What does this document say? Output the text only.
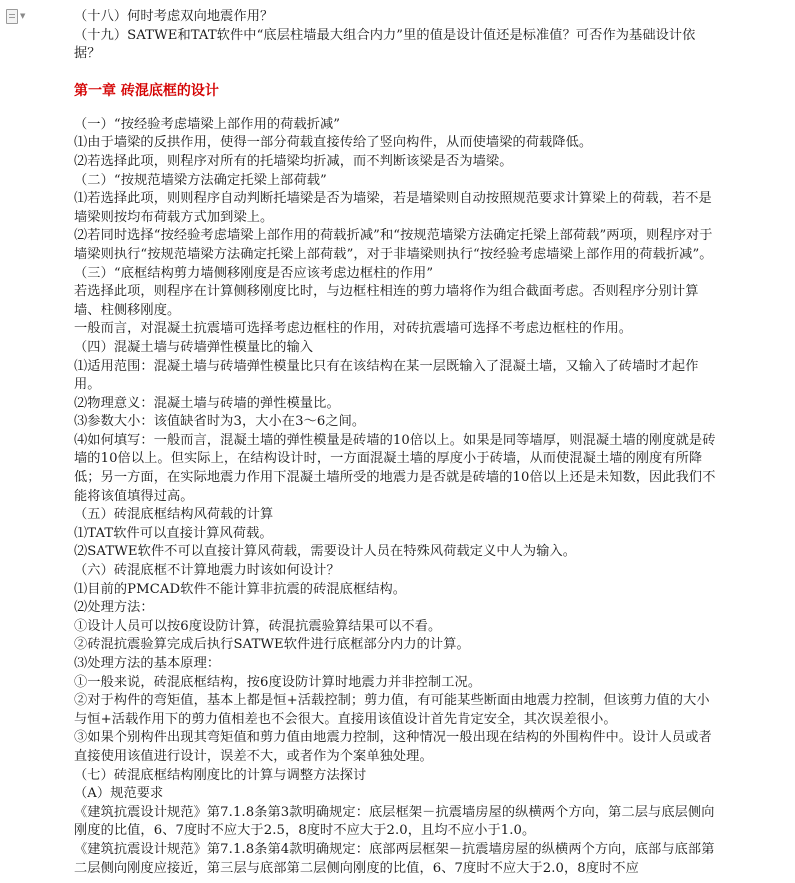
▼	（十八）何时考虑双向地震作用？
（十九）SATWE和TAT软件中“底层柱墙最大组合内力”里的值是设计值还是标准值？可否作为基础设计依据？
第一章 砖混底框的设计
（一）“按经验考虑墙梁上部作用的荷载折减”
⑴由于墙梁的反拱作用，使得一部分荷载直接传给了竖向构件，从而使墙梁的荷载降低。
⑵若选择此项，则程序对所有的托墙梁均折减，而不判断该梁是否为墙梁。
（二）“按规范墙梁方法确定托梁上部荷载”
⑴若选择此项，则则程序自动判断托墙梁是否为墙梁，若是墙梁则自动按照规范要求计算梁上的荷载，若不是墙梁则按均布荷载方式加到梁上。
⑵若同时选择“按经验考虑墙梁上部作用的荷载折减”和“按规范墙梁方法确定托梁上部荷载”两项，则程序对于墙梁则执行“按规范墙梁方法确定托梁上部荷载”，对于非墙梁则执行“按经验考虑墙梁上部作用的荷载折减”。
（三）“底框结构剪力墙侧移刚度是否应该考虑边框柱的作用”
若选择此项，则程序在计算侧移刚度比时，与边框柱相连的剪力墙将作为组合截面考虑。否则程序分别计算墙、柱侧移刚度。
一般而言，对混凝土抗震墙可选择考虑边框柱的作用，对砖抗震墙可选择不考虑边框柱的作用。
（四）混凝土墙与砖墙弹性模量比的输入
⑴适用范围：混凝土墙与砖墙弹性模量比只有在该结构在某一层既输入了混凝土墙，又输入了砖墙时才起作用。
⑵物理意义：混凝土墙与砖墙的弹性模量比。
⑶参数大小：该值缺省时为3，大小在3～6之间。
⑷如何填写：一般而言，混凝土墙的弹性模量是砖墙的10倍以上。如果是同等墙厚，则混凝土墙的刚度就是砖墙的10倍以上。但实际上，在结构设计时，一方面混凝土墙的厚度小于砖墙，从而使混凝土墙的刚度有所降低；另一方面，在实际地震力作用下混凝土墙所受的地震力是否就是砖墙的10倍以上还是未知数，因此我们不能将该值填得过高。
（五）砖混底框结构风荷载的计算
⑴TAT软件可以直接计算风荷载。
⑵SATWE软件不可以直接计算风荷载，需要设计人员在特殊风荷载定义中人为输入。
（六）砖混底框不计算地震力时该如何设计？
⑴目前的PMCAD软件不能计算非抗震的砖混底框结构。
⑵处理方法：
①设计人员可以按6度设防计算，砖混抗震验算结果可以不看。
②砖混抗震验算完成后执行SATWE软件进行底框部分内力的计算。
⑶处理方法的基本原理：
①一般来说，砖混底框结构，按6度设防计算时地震力并非控制工况。
②对于构件的弯矩值，基本上都是恒+活载控制；剪力值，有可能某些断面由地震力控制，但该剪力值的大小与恒+活载作用下的剪力值相差也不会很大。直接用该值设计首先肯定安全，其次误差很小。
③如果个别构件出现其弯矩值和剪力值由地震力控制，这种情况一般出现在结构的外围构件中。设计人员或者直接使用该值进行设计，误差不大，或者作为个案单独处理。
（七）砖混底框结构刚度比的计算与调整方法探讨
（A）规范要求
《建筑抗震设计规范》第7.1.8条第3款明确规定：底层框架－抗震墙房屋的纵横两个方向，第二层与底层侧向刚度的比值，6、7度时不应大于2.5，8度时不应大于2.0，且均不应小于1.0。
《建筑抗震设计规范》第7.1.8条第4款明确规定：底部两层框架－抗震墙房屋的纵横两个方向，底部与底部第二层侧向刚度应接近，第三层与底部第二层侧向刚度的比值，6、7度时不应大于2.0，8度时不应
